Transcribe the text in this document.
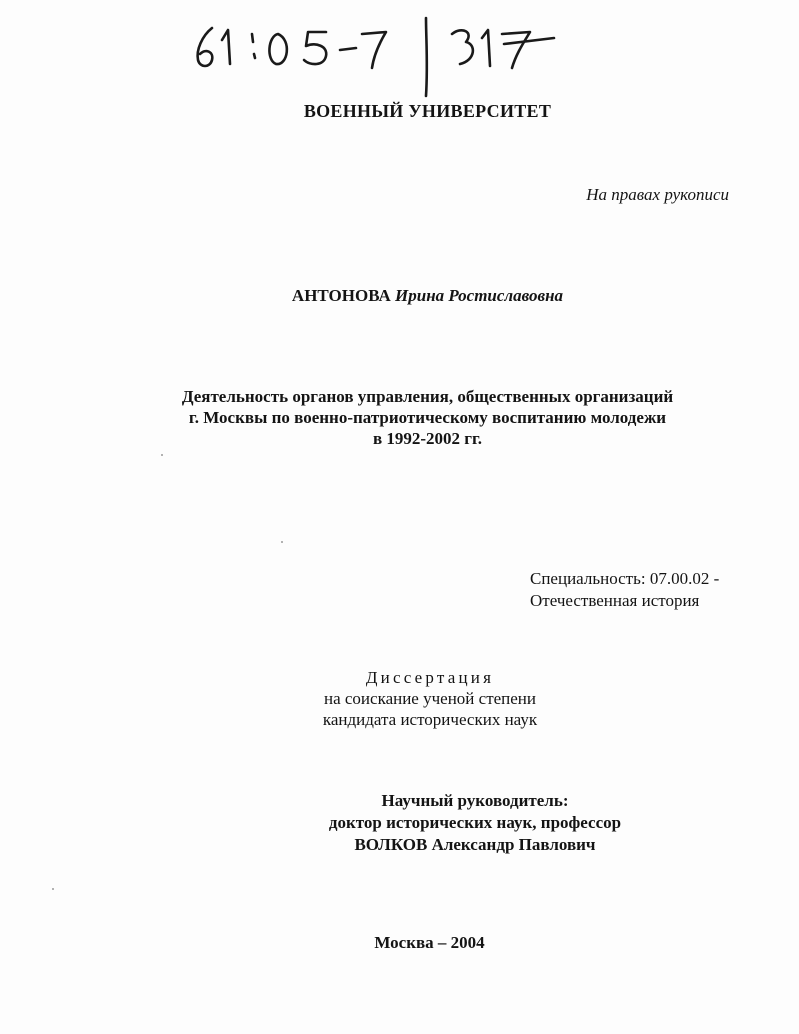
ВОЕННЫЙ УНИВЕРСИТЕТ
На правах рукописи
АНТОНОВА Ирина Ростиславовна
Деятельность органов управления, общественных организаций
г. Москвы по военно-патриотическому воспитанию молодежи
в 1992-2002 гг.
Специальность: 07.00.02 -
Отечественная история
Диссертация
на соискание ученой степени
кандидата исторических наук
Научный руководитель:
доктор исторических наук, профессор
ВОЛКОВ Александр Павлович
Москва – 2004
